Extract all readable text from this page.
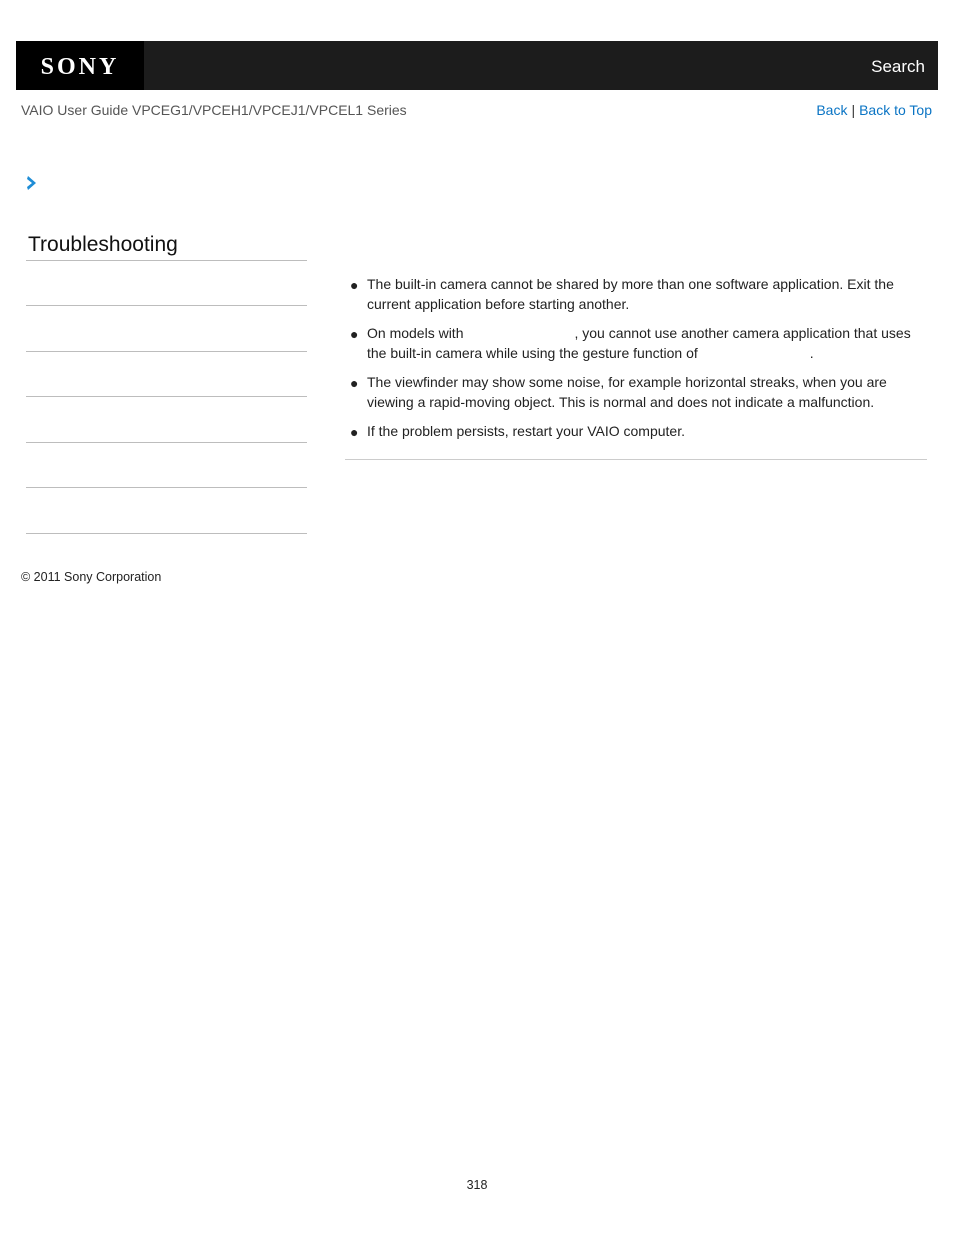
SONY	Search
VAIO User Guide VPCEG1/VPCEH1/VPCEJ1/VPCEL1 Series	Back | Back to Top
Troubleshooting
● The built-in camera cannot be shared by more than one software application. Exit the current application before starting another.
● On models with	, you cannot use another camera application that uses the built-in camera while using the gesture function of	.
● The viewfinder may show some noise, for example horizontal streaks, when you are viewing a rapid-moving object. This is normal and does not indicate a malfunction.
● If the problem persists, restart your VAIO computer.
© 2011 Sony Corporation
318
